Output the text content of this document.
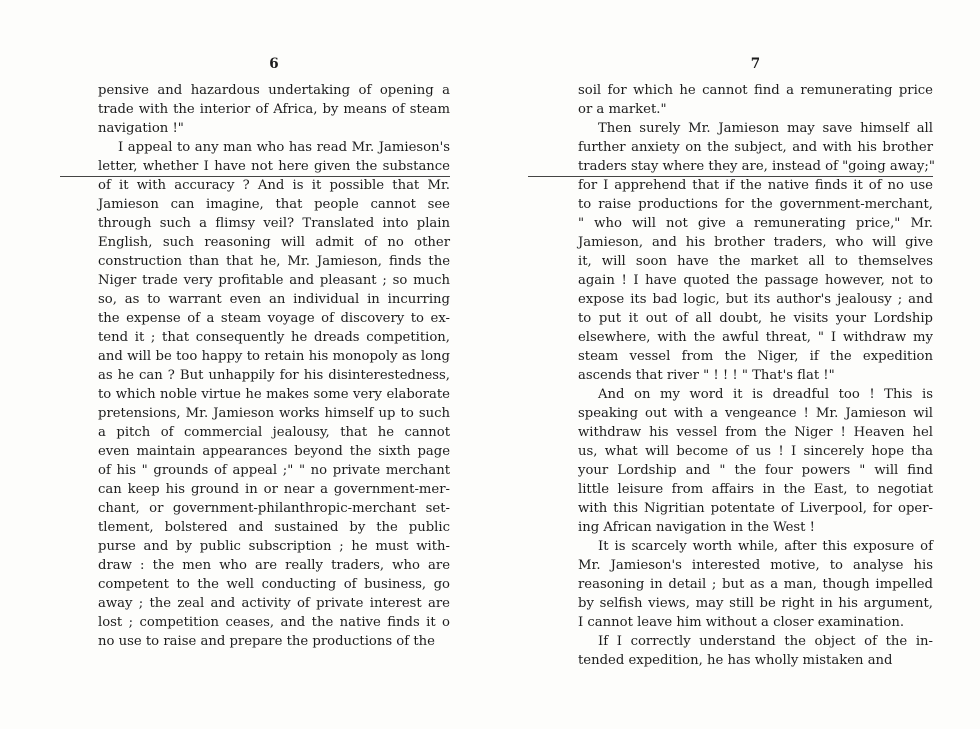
6
pensive and hazardous undertaking of opening a
trade with the interior of Africa, by means of steam
navigation !"
I appeal to any man who has read Mr. Jamieson's
letter, whether I have not here given the substance
of it with accuracy ? And is it possible that Mr.
Jamieson can imagine, that people cannot see
through such a flimsy veil? Translated into plain
English, such reasoning will admit of no other
construction than that he, Mr. Jamieson, finds the
Niger trade very profitable and pleasant ; so much
so, as to warrant even an individual in incurring
the expense of a steam voyage of discovery to ex-
tend it ; that consequently he dreads competition,
and will be too happy to retain his monopoly as long
as he can ? But unhappily for his disinterestedness,
to which noble virtue he makes some very elaborate
pretensions, Mr. Jamieson works himself up to such
a pitch of commercial jealousy, that he cannot
even maintain appearances beyond the sixth page
of his " grounds of appeal ;" " no private merchant
can keep his ground in or near a government-mer-
chant, or government-philanthropic-merchant set-
tlement, bolstered and sustained by the public
purse and by public subscription ; he must with-
draw : the men who are really traders, who are
competent to the well conducting of business, go
away ; the zeal and activity of private interest are
lost ; competition ceases, and the native finds it o
no use to raise and prepare the productions of the
7
soil for which he cannot find a remunerating price
or a market."
Then surely Mr. Jamieson may save himself all
further anxiety on the subject, and with his brother
traders stay where they are, instead of "going away;"
for I apprehend that if the native finds it of no use
to raise productions for the government-merchant,
" who will not give a remunerating price," Mr.
Jamieson, and his brother traders, who will give
it, will soon have the market all to themselves
again ! I have quoted the passage however, not to
expose its bad logic, but its author's jealousy ; and
to put it out of all doubt, he visits your Lordship
elsewhere, with the awful threat, " I withdraw my
steam vessel from the Niger, if the expedition
ascends that river " ! ! ! " That's flat !"
And on my word it is dreadful too ! This is
speaking out with a vengeance ! Mr. Jamieson wil
withdraw his vessel from the Niger ! Heaven hel
us, what will become of us ! I sincerely hope tha
your Lordship and " the four powers " will find
little leisure from affairs in the East, to negotiat
with this Nigritian potentate of Liverpool, for oper-
ing African navigation in the West !
It is scarcely worth while, after this exposure of
Mr. Jamieson's interested motive, to analyse his
reasoning in detail ; but as a man, though impelled
by selfish views, may still be right in his argument,
I cannot leave him without a closer examination.
If I correctly understand the object of the in-
tended expedition, he has wholly mistaken and
